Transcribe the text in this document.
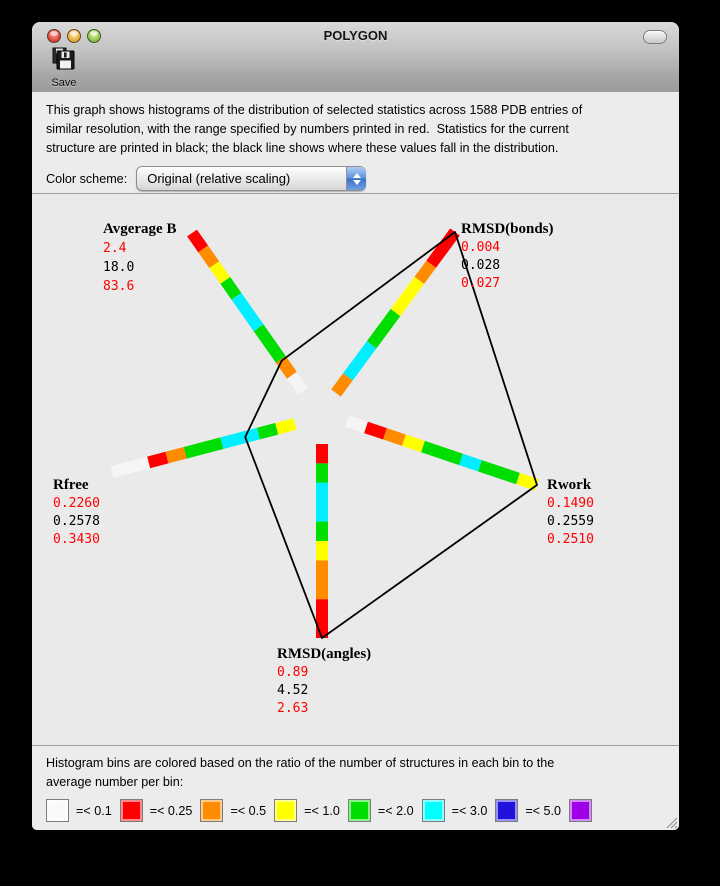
POLYGON
Save
This graph shows histograms of the distribution of selected statistics across 1588 PDB entries of
similar resolution, with the range specified by numbers printed in red.  Statistics for the current
structure are printed in black; the black line shows where these values fall in the distribution.
Color scheme: Original (relative scaling)
Avgerage B
2.4
18.0
83.6
RMSD(bonds)
0.004
0.028
0.027
Rwork
0.1490
0.2559
0.2510
RMSD(angles)
0.89
4.52
2.63
Rfree
0.2260
0.2578
0.3430
Histogram bins are colored based on the ratio of the number of structures in each bin to the
average number per bin:
=< 0.1	=< 0.25	=< 0.5	=< 1.0	=< 2.0	=< 3.0	=< 5.0
